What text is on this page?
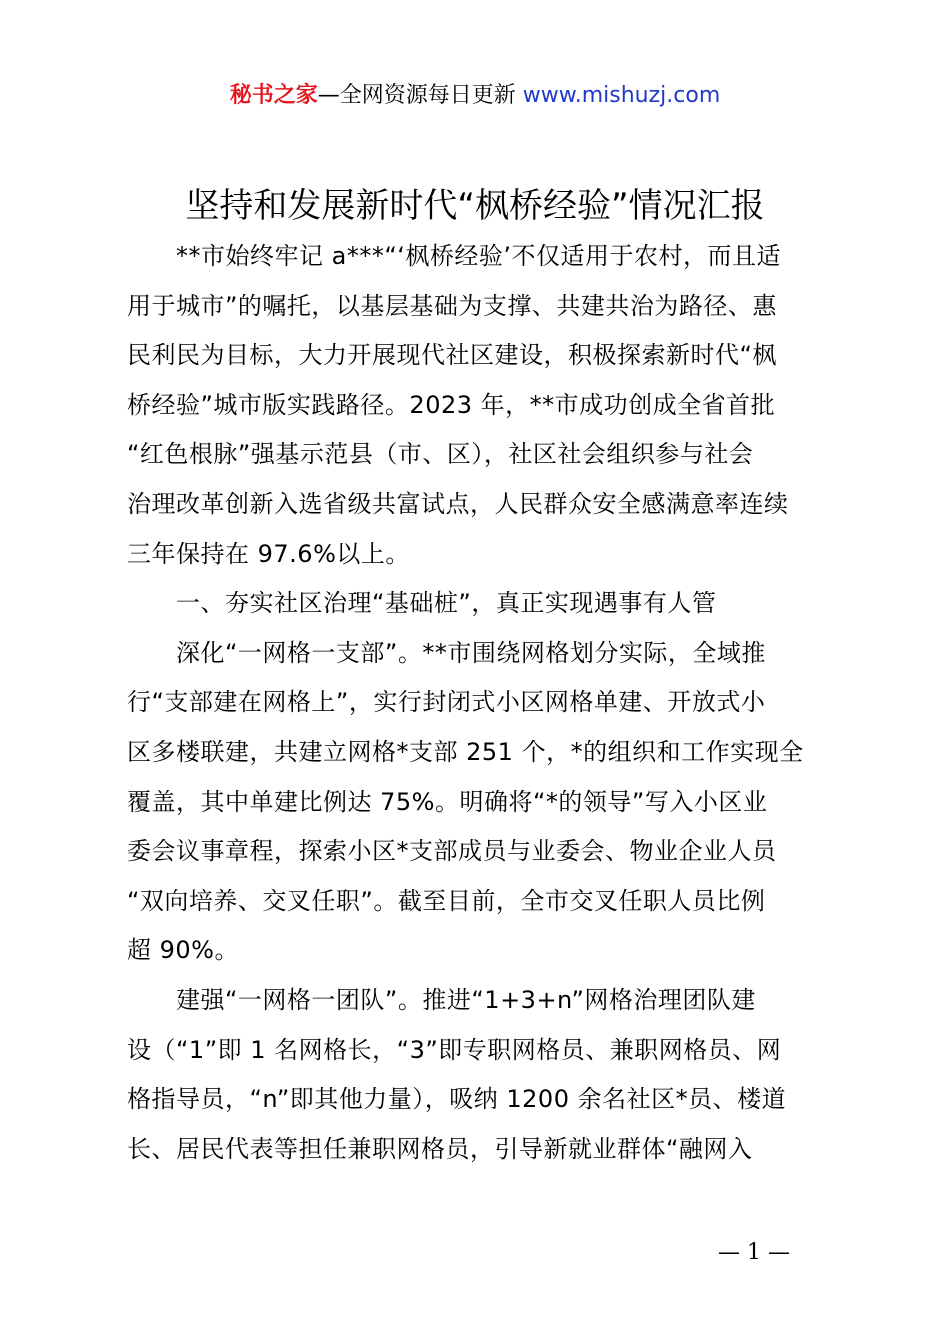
秘书之家—全网资源每日更新 www.mishuzj.com
坚持和发展新时代“枫桥经验”情况汇报
　　**市始终牢记 a***“‘枫桥经验’不仅适用于农村，而且适
用于城市”的嘱托，以基层基础为支撑、共建共治为路径、惠
民利民为目标，大力开展现代社区建设，积极探索新时代“枫
桥经验”城市版实践路径。2023 年，**市成功创成全省首批
“红色根脉”强基示范县（市、区），社区社会组织参与社会
治理改革创新入选省级共富试点，人民群众安全感满意率连续
三年保持在 97.6%以上。
　　一、夯实社区治理“基础桩”，真正实现遇事有人管
　　深化“一网格一支部”。**市围绕网格划分实际，全域推
行“支部建在网格上”，实行封闭式小区网格单建、开放式小
区多楼联建，共建立网格*支部 251 个，*的组织和工作实现全
覆盖，其中单建比例达 75%。明确将“*的领导”写入小区业
委会议事章程，探索小区*支部成员与业委会、物业企业人员
“双向培养、交叉任职”。截至目前，全市交叉任职人员比例
超 90%。
　　建强“一网格一团队”。推进“1+3+n”网格治理团队建
设（“1”即 1 名网格长，“3”即专职网格员、兼职网格员、网
格指导员，“n”即其他力量），吸纳 1200 余名社区*员、楼道
长、居民代表等担任兼职网格员，引导新就业群体“融网入
— 1 —
